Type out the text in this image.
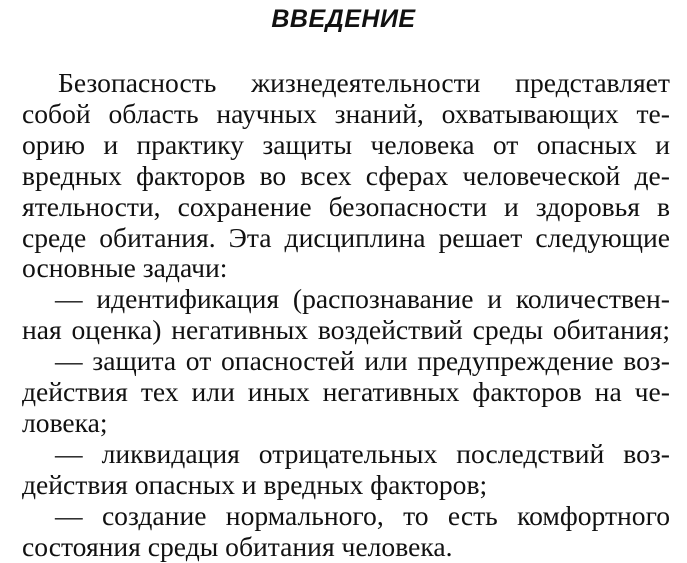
ВВЕДЕНИЕ
Безопасность жизнедеятельности представляет
собой область научных знаний, охватывающих те-
орию и практику защиты человека от опасных и
вредных факторов во всех сферах человеческой де-
ятельности, сохранение безопасности и здоровья в
среде обитания. Эта дисциплина решает следующие
основные задачи:
— идентификация (распознавание и количествен-
ная оценка) негативных воздействий среды обитания;
— защита от опасностей или предупреждение воз-
действия тех или иных негативных факторов на че-
ловека;
— ликвидация отрицательных последствий воз-
действия опасных и вредных факторов;
— создание нормального, то есть комфортного
состояния среды обитания человека.
